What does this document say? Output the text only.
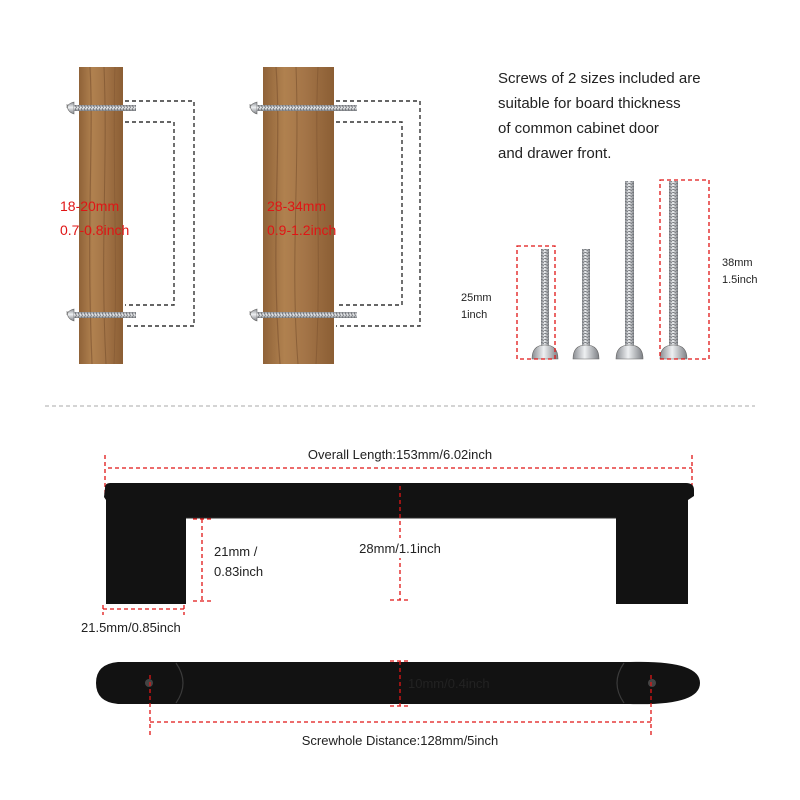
18-20mm
0.7-0.8inch
28-34mm
0.9-1.2inch
Screws of 2 sizes included are
suitable for board thickness
of common cabinet door
and drawer front.
25mm
1inch
38mm
1.5inch
Overall Length:153mm/6.02inch
21mm /
0.83inch
28mm/1.1inch
21.5mm/0.85inch
10mm/0.4inch
Screwhole Distance:128mm/5inch
